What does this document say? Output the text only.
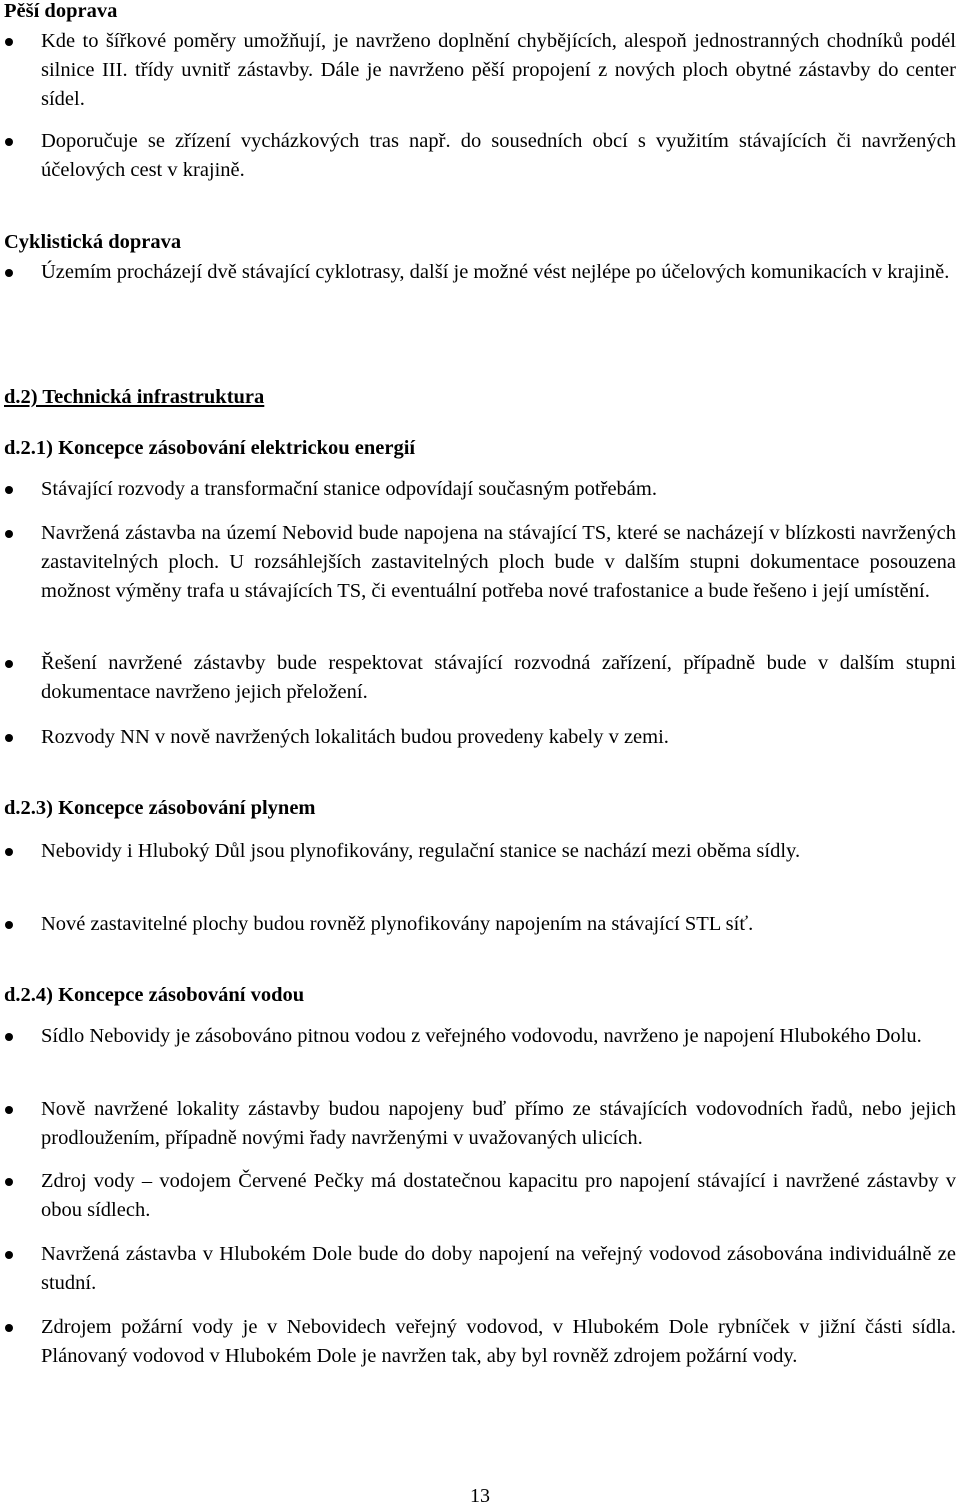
Pěší doprava
Kde to šířkové poměry umožňují, je navrženo doplnění chybějících, alespoň jednostranných chodníků podél silnice III. třídy uvnitř zástavby. Dále je navrženo pěší propojení z nových ploch obytné zástavby do center sídel.
Doporučuje se zřízení vycházkových tras např. do sousedních obcí s využitím stávajících či navržených účelových cest v krajině.
Cyklistická doprava
Územím procházejí dvě stávající cyklotrasy, další je možné vést nejlépe po účelových komunikacích v krajině.
d.2) Technická infrastruktura
d.2.1) Koncepce zásobování elektrickou energií
Stávající rozvody a transformační stanice odpovídají současným potřebám.
Navržená zástavba na území Nebovid bude napojena na stávající TS, které se nacházejí v blízkosti navržených zastavitelných ploch. U rozsáhlejších zastavitelných ploch bude v dalším stupni dokumentace posouzena možnost výměny trafa u stávajících TS, či eventuální potřeba nové trafostanice a bude řešeno i její umístění.
Řešení navržené zástavby bude respektovat stávající rozvodná zařízení, případně bude v dalším stupni dokumentace navrženo jejich přeložení.
Rozvody NN v nově navržených lokalitách budou provedeny kabely v zemi.
d.2.3) Koncepce zásobování plynem
Nebovidy i Hluboký Důl jsou plynofikovány, regulační stanice se nachází mezi oběma sídly.
Nové zastavitelné plochy budou rovněž plynofikovány napojením na stávající STL síť.
d.2.4) Koncepce zásobování vodou
Sídlo Nebovidy je zásobováno pitnou vodou z veřejného vodovodu, navrženo je napojení Hlubokého Dolu.
Nově navržené lokality zástavby budou napojeny buď přímo ze stávajících vodovodních řadů, nebo jejich prodloužením, případně novými řady navrženými v uvažovaných ulicích.
Zdroj vody – vodojem Červené Pečky má dostatečnou kapacitu pro napojení stávající i navržené zástavby v obou sídlech.
Navržená zástavba v Hlubokém Dole bude do doby napojení na veřejný vodovod zásobována individuálně ze studní.
Zdrojem požární vody je v Nebovidech veřejný vodovod, v Hlubokém Dole rybníček v jižní části sídla. Plánovaný vodovod v Hlubokém Dole je navržen tak, aby byl rovněž zdrojem požární vody.
13
